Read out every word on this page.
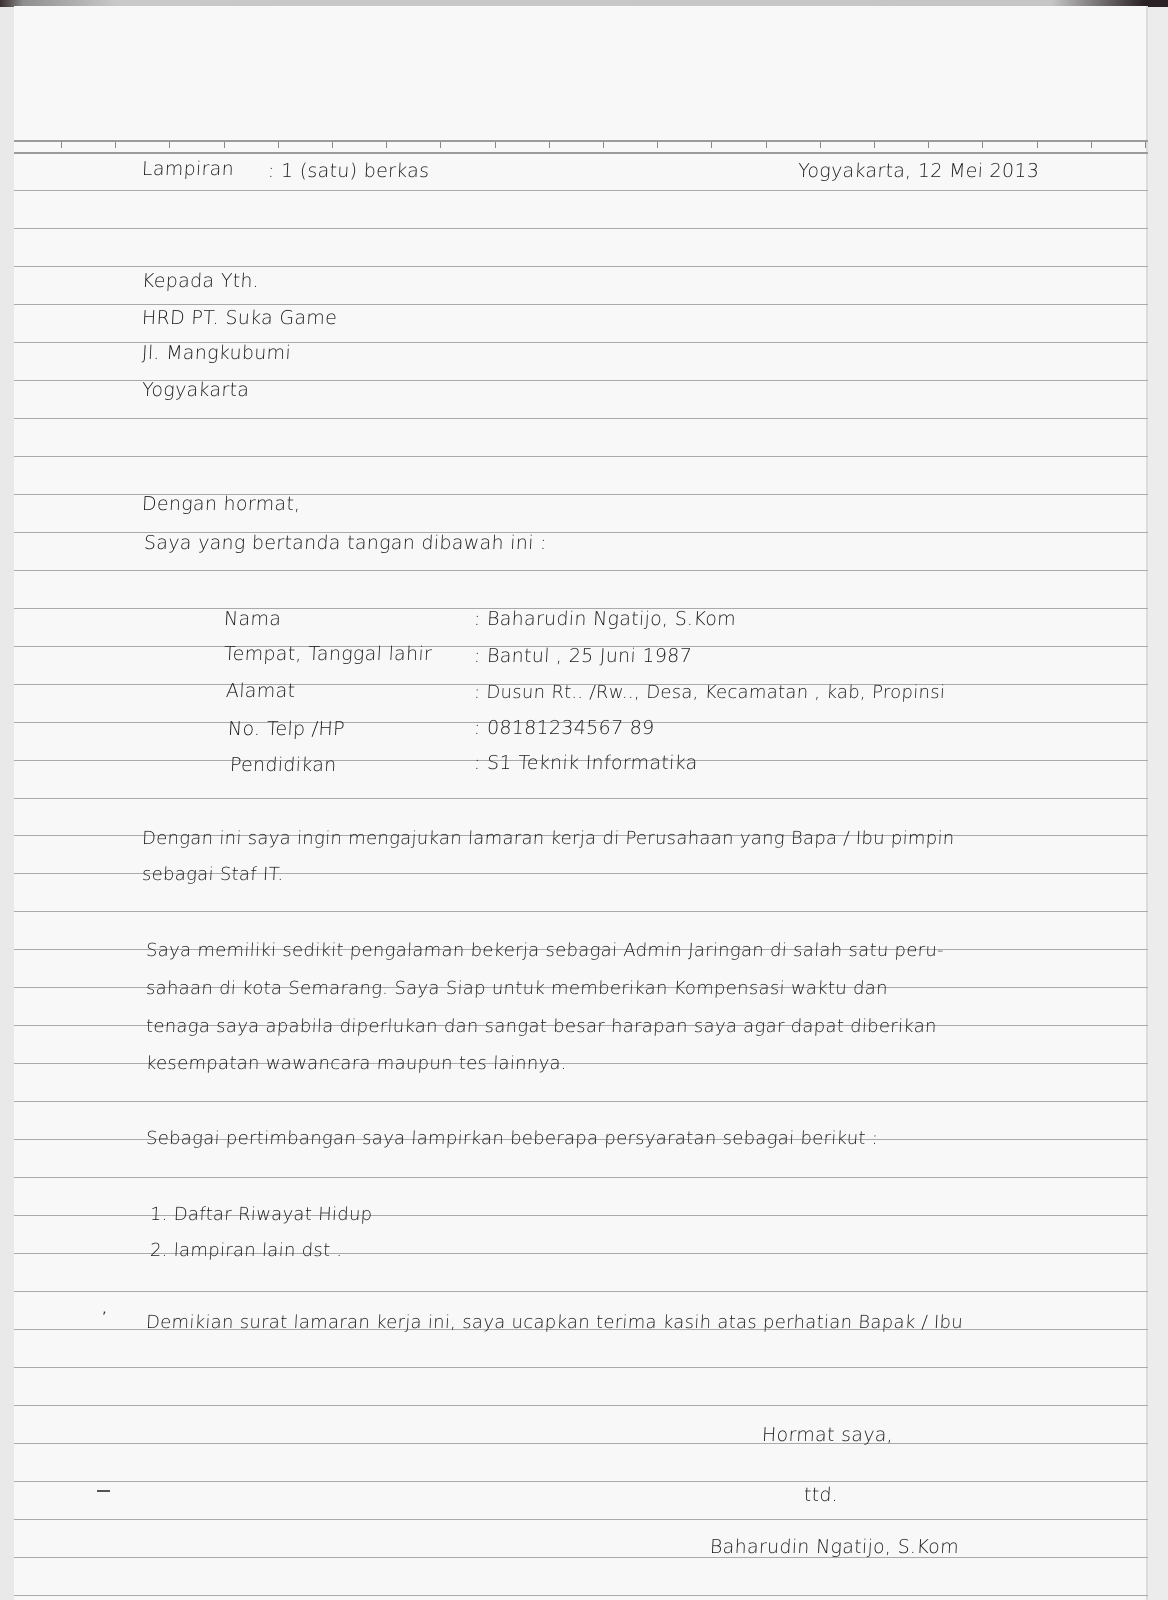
Lampiran : 1 (satu) berkas	Yogyakarta, 12 Mei 2013
Kepada Yth.
HRD PT. Suka Game
Jl. Mangkubumi
Yogyakarta
Dengan hormat,
Saya yang bertanda tangan dibawah ini :
Nama	: Baharudin Ngatijo, S.Kom
Tempat, Tanggal lahir : Bantul , 25 Juni 1987
Alamat	: Dusun Rt.. /Rw.., Desa, Kecamatan , kab, Propinsi
No. Telp /HP	: 08181234567 89
Pendidikan	: S1 Teknik Informatika
Dengan ini saya ingin mengajukan lamaran kerja di Perusahaan yang Bapa / Ibu pimpin
sebagai Staf IT.
Saya memiliki sedikit pengalaman bekerja sebagai Admin Jaringan di salah satu peru-
sahaan di kota Semarang. Saya Siap untuk memberikan Kompensasi waktu dan
tenaga saya apabila diperlukan dan sangat besar harapan saya agar dapat diberikan
kesempatan wawancara maupun tes lainnya.
Sebagai pertimbangan saya lampirkan beberapa persyaratan sebagai berikut :
1. Daftar Riwayat Hidup
2. lampiran lain dst .
’ Demikian surat lamaran kerja ini, saya ucapkan terima kasih atas perhatian Bapak / Ibu
Hormat saya,
ttd.
Baharudin Ngatijo, S.Kom
